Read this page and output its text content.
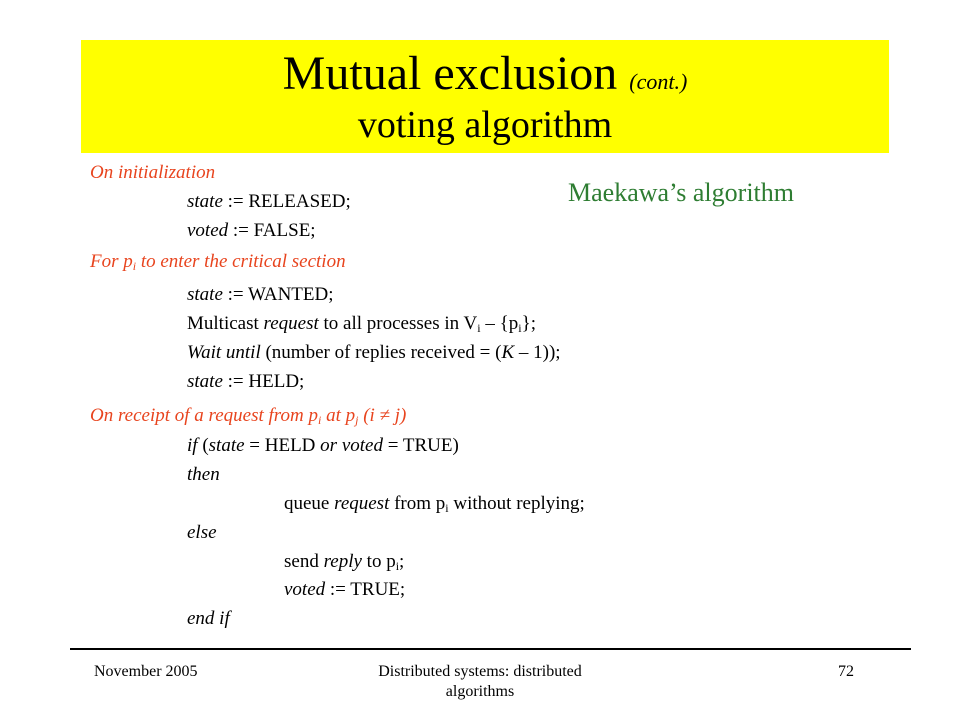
Mutual exclusion (cont.)
voting algorithm
Maekawa’s algorithm
On initialization
state := RELEASED;
voted := FALSE;
For $p_i$ to enter the critical section
state := WANTED;
Multicast request to all processes in $V_i - \{p_i\}$;
Wait until (number of replies received = (K – 1));
state := HELD;
On receipt of a request from $p_i$ at $p_j$ (i ≠ j)
if (state = HELD or voted = TRUE)
then
queue request from $p_i$ without replying;
else
send reply to $p_i$;
voted := TRUE;
end if
November 2005	Distributed systems: distributed
algorithms
72
